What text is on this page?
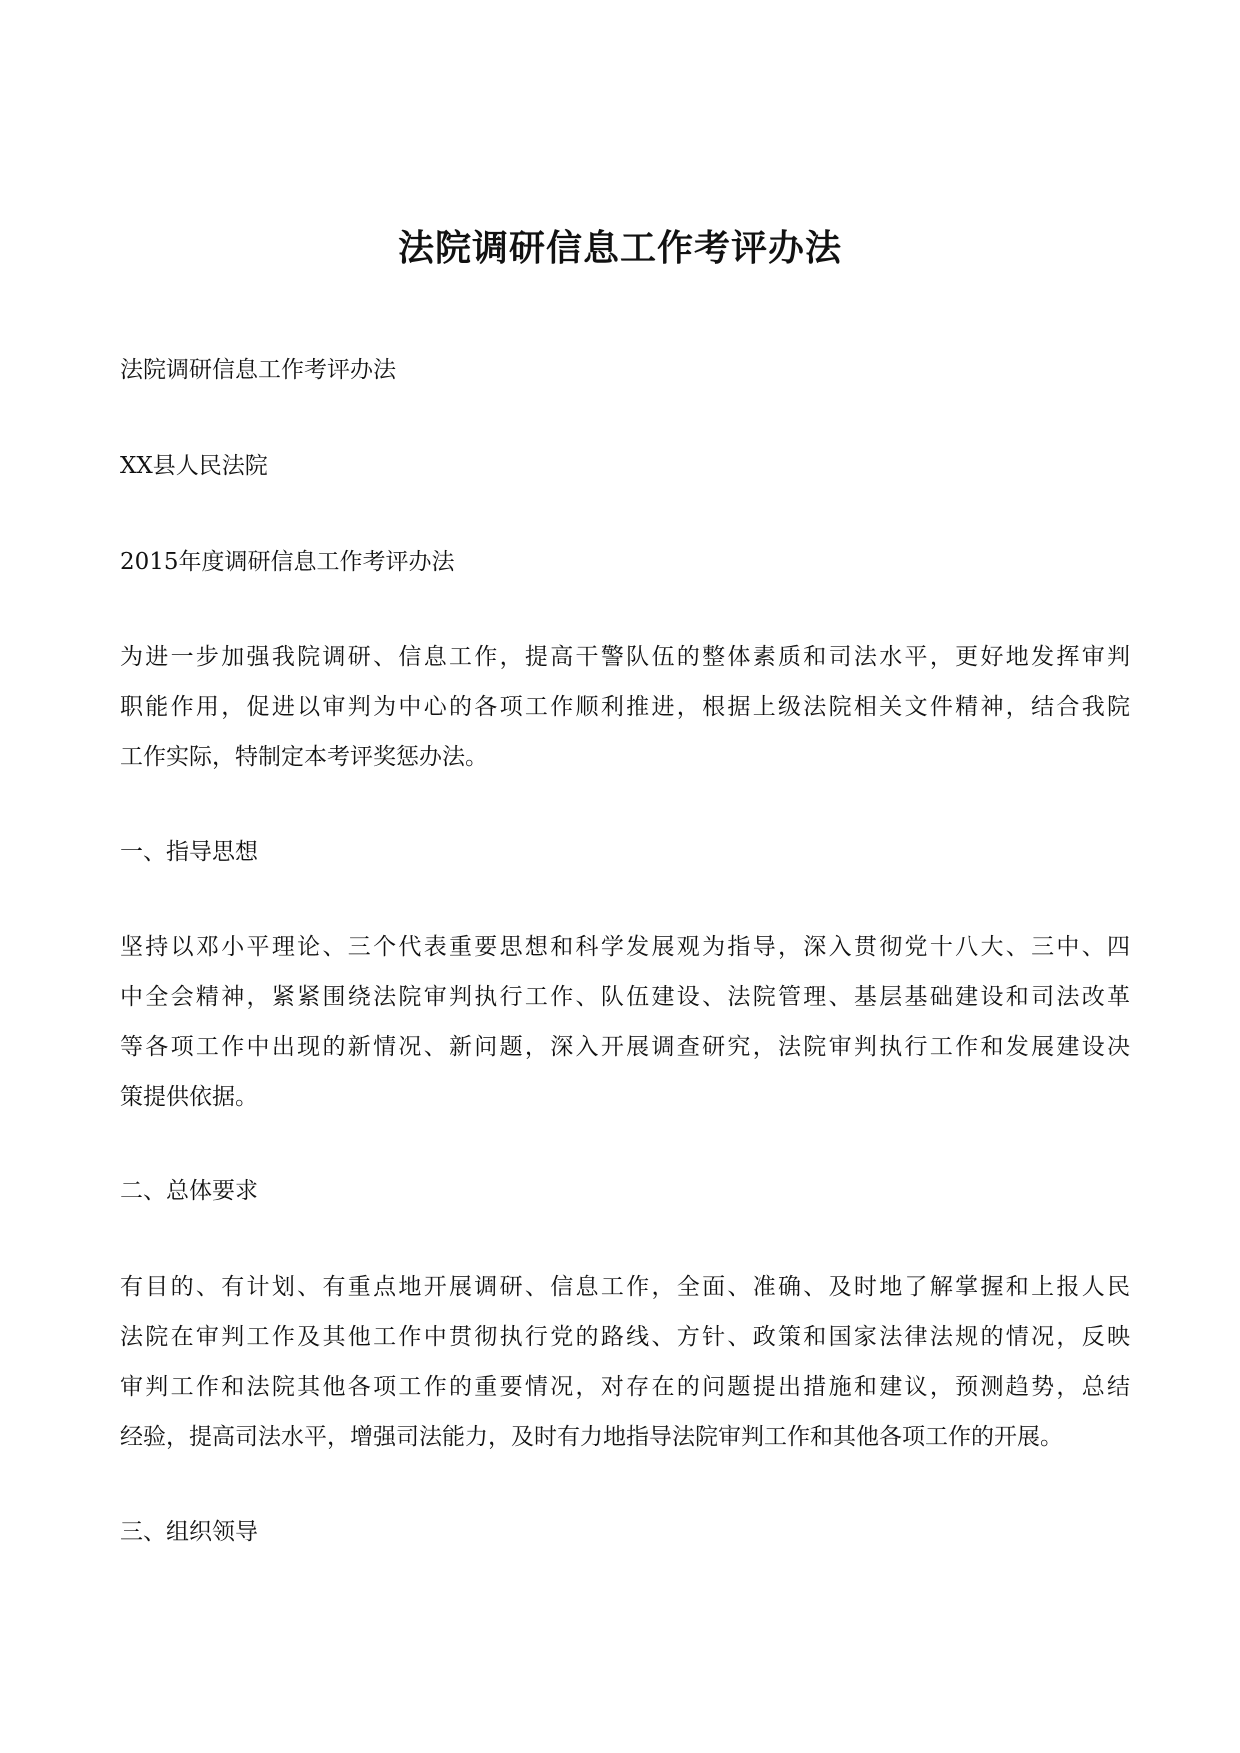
法院调研信息工作考评办法

法院调研信息工作考评办法

XX县人民法院

2015年度调研信息工作考评办法

为进一步加强我院调研、信息工作，提高干警队伍的整体素质和司法水平，更好地发挥审判
职能作用，促进以审判为中心的各项工作顺利推进，根据上级法院相关文件精神，结合我院
工作实际，特制定本考评奖惩办法。

一、指导思想

坚持以邓小平理论、三个代表重要思想和科学发展观为指导，深入贯彻党十八大、三中、四
中全会精神，紧紧围绕法院审判执行工作、队伍建设、法院管理、基层基础建设和司法改革
等各项工作中出现的新情况、新问题，深入开展调查研究，法院审判执行工作和发展建设决
策提供依据。

二、总体要求

有目的、有计划、有重点地开展调研、信息工作，全面、准确、及时地了解掌握和上报人民
法院在审判工作及其他工作中贯彻执行党的路线、方针、政策和国家法律法规的情况，反映
审判工作和法院其他各项工作的重要情况，对存在的问题提出措施和建议，预测趋势，总结
经验，提高司法水平，增强司法能力，及时有力地指导法院审判工作和其他各项工作的开展。

三、组织领导
